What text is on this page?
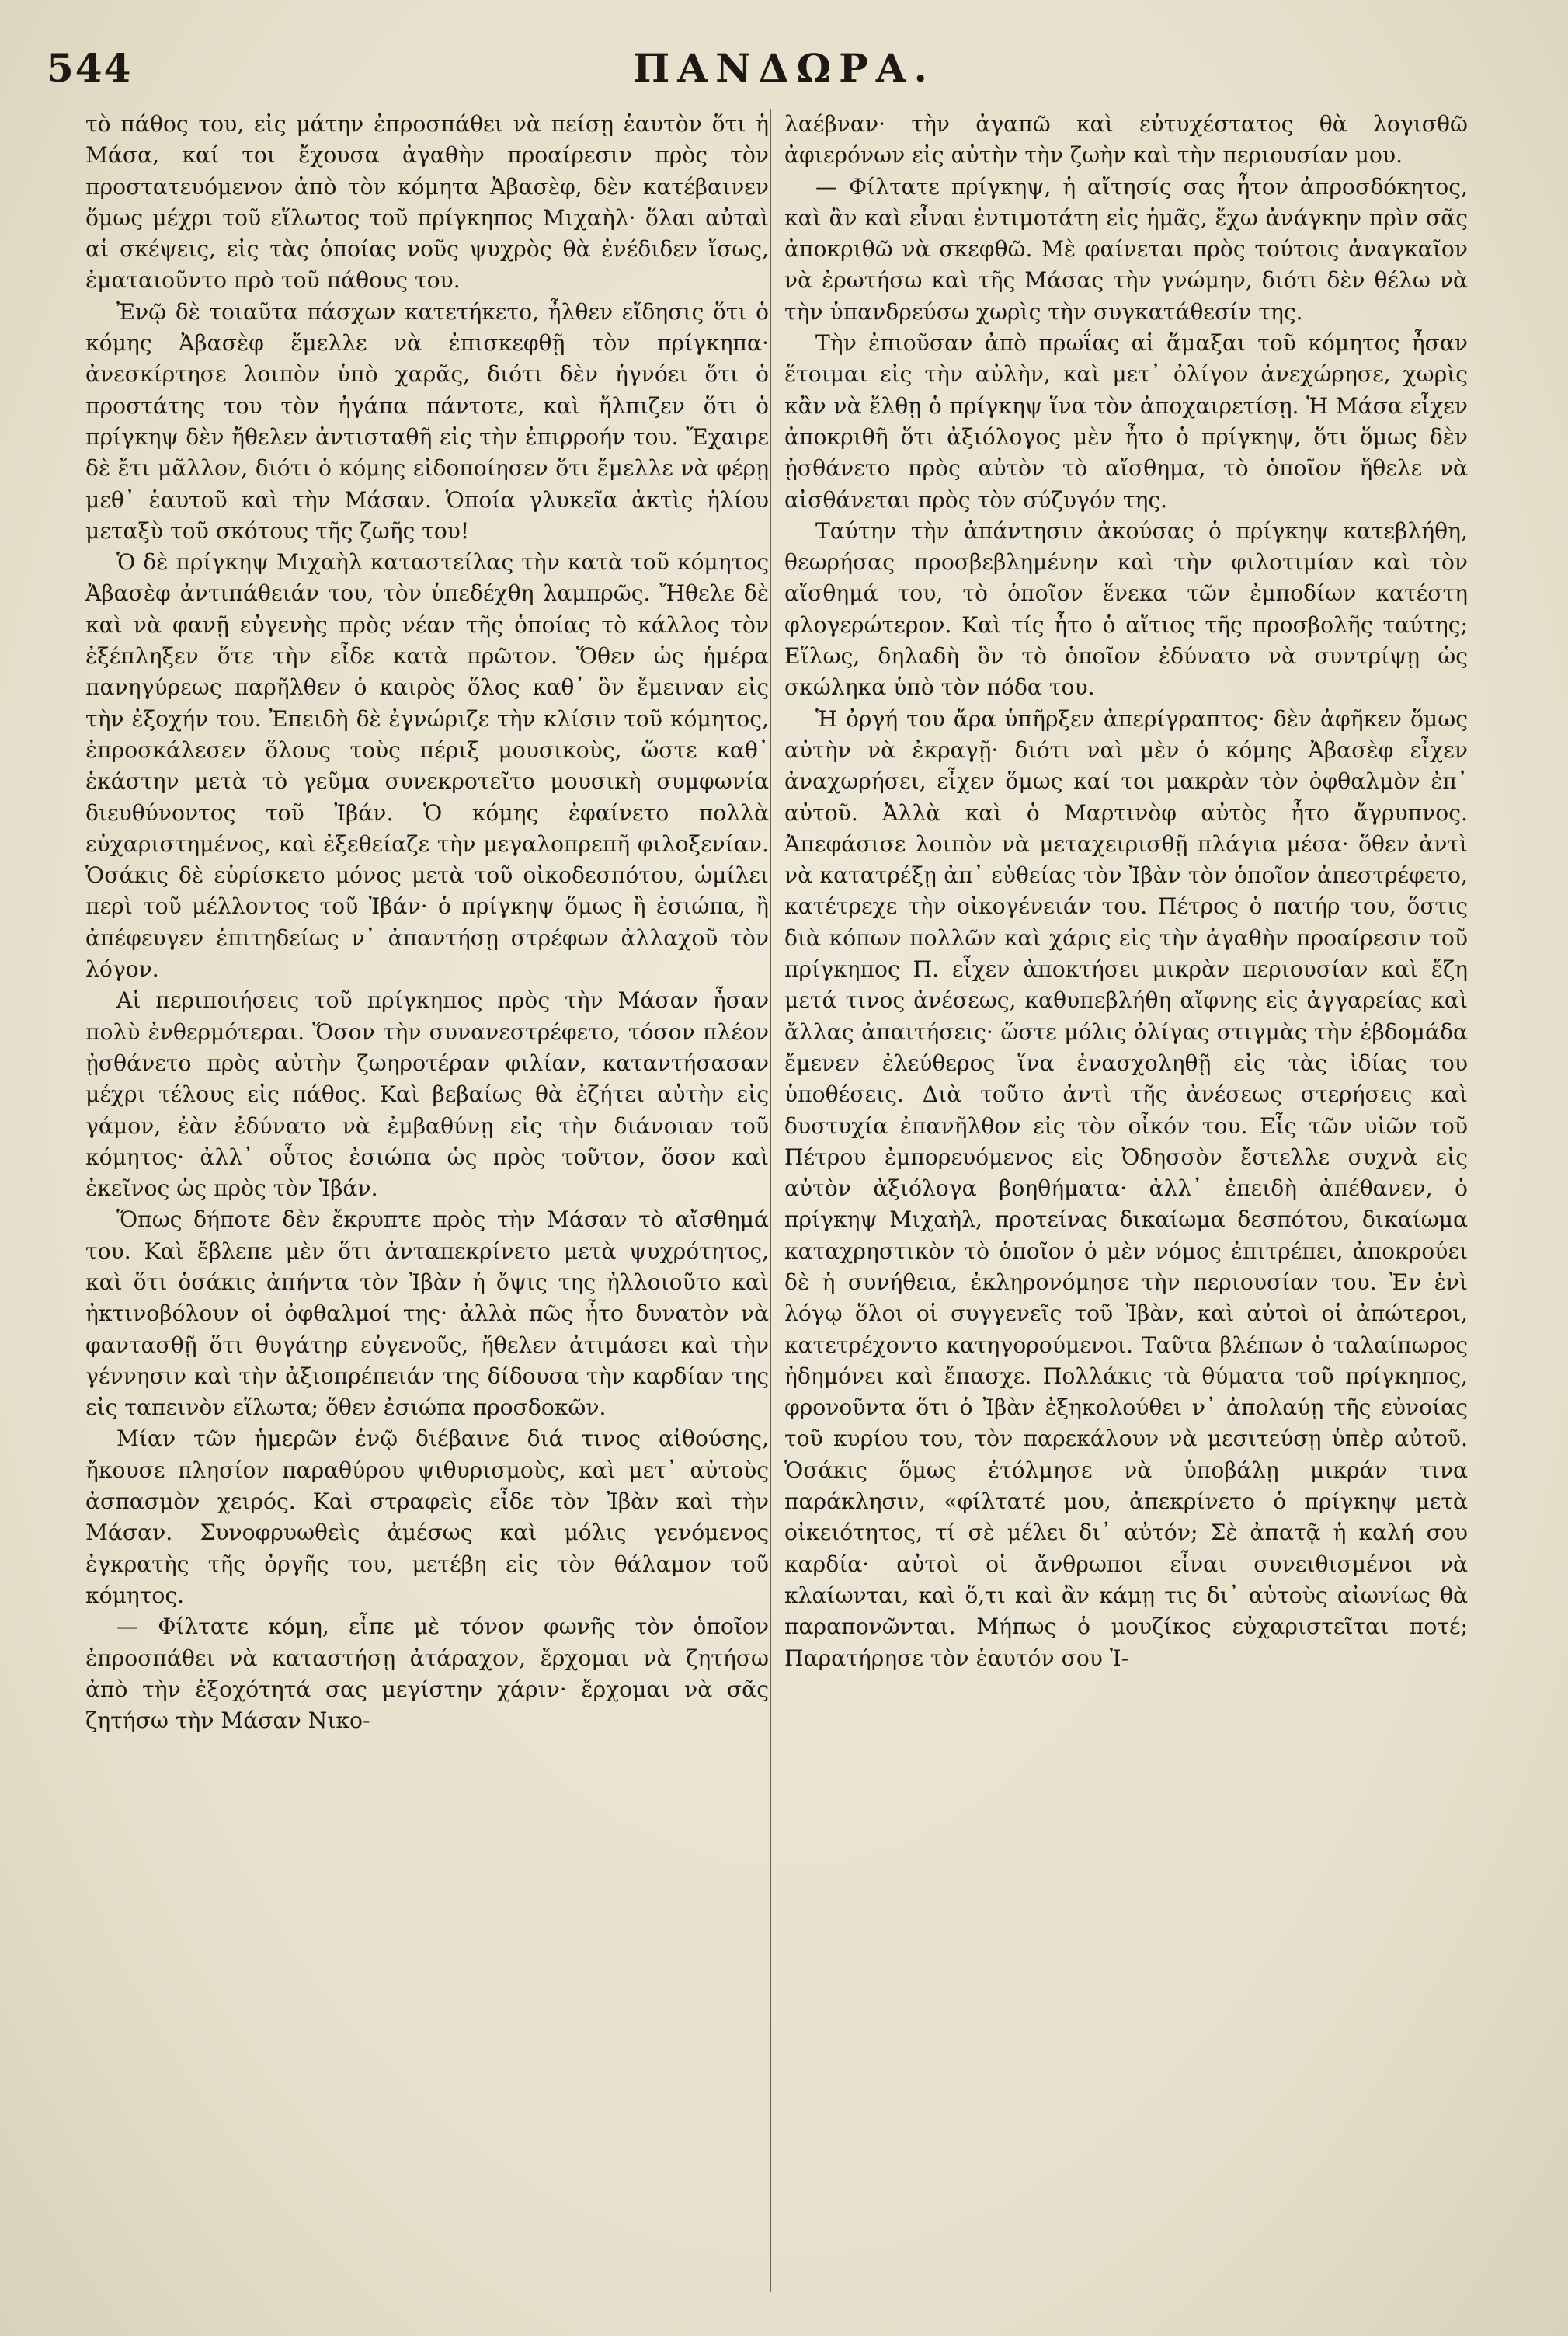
544	ΠΑΝΔΩΡΑ.

τὸ πάθος του, εἰς μάτην ἐπροσπάθει νὰ πείσῃ ἑαυτὸν ὅτι ἡ Μάσα, καί τοι ἔχουσα ἀγαθὴν προαίρεσιν πρὸς τὸν προστατευόμενον ἀπὸ τὸν κόμητα Ἀβασὲφ, δὲν κατέβαινεν ὅμως μέχρι τοῦ εἵλωτος τοῦ πρίγκηπος Μιχαὴλ· ὅλαι αὐταὶ αἱ σκέψεις, εἰς τὰς ὁποίας νοῦς ψυχρὸς θὰ ἐνέδιδεν ἴσως, ἐματαιοῦντο πρὸ τοῦ πάθους του.

Ἐνῷ δὲ τοιαῦτα πάσχων κατετήκετο, ἦλθεν εἴδησις ὅτι ὁ κόμης Ἀβασὲφ ἔμελλε νὰ ἐπισκεφθῇ τὸν πρίγκηπα· ἀνεσκίρτησε λοιπὸν ὑπὸ χαρᾶς, διότι δὲν ἠγνόει ὅτι ὁ προστάτης του τὸν ἠγάπα πάντοτε, καὶ ἤλπιζεν ὅτι ὁ πρίγκηψ δὲν ἤθελεν ἀντισταθῆ εἰς τὴν ἐπιρροήν του. Ἔχαιρε δὲ ἔτι μᾶλλον, διότι ὁ κόμης εἰδοποίησεν ὅτι ἔμελλε νὰ φέρῃ μεθ᾽ ἑαυτοῦ καὶ τὴν Μάσαν. Ὁποία γλυκεῖα ἀκτὶς ἡλίου μεταξὺ τοῦ σκότους τῆς ζωῆς του!

Ὁ δὲ πρίγκηψ Μιχαὴλ καταστείλας τὴν κατὰ τοῦ κόμητος Ἀβασὲφ ἀντιπάθειάν του, τὸν ὑπεδέχθη λαμπρῶς. Ἤθελε δὲ καὶ νὰ φανῇ εὐγενὴς πρὸς νέαν τῆς ὁποίας τὸ κάλλος τὸν ἐξέπληξεν ὅτε τὴν εἶδε κατὰ πρῶτον. Ὅθεν ὡς ἡμέρα πανηγύρεως παρῆλθεν ὁ καιρὸς ὅλος καθ᾽ ὃν ἔμειναν εἰς τὴν ἐξοχήν του. Ἐπειδὴ δὲ ἐγνώριζε τὴν κλίσιν τοῦ κόμητος, ἐπροσκάλεσεν ὅλους τοὺς πέριξ μουσικοὺς, ὥστε καθ᾽ ἑκάστην μετὰ τὸ γεῦμα συνεκροτεῖτο μουσικὴ συμφωνία διευθύνοντος τοῦ Ἰβάν. Ὁ κόμης ἐφαίνετο πολλὰ εὐχαριστημένος, καὶ ἐξεθείαζε τὴν μεγαλοπρεπῆ φιλοξενίαν. Ὁσάκις δὲ εὑρίσκετο μόνος μετὰ τοῦ οἰκοδεσπότου, ὡμίλει περὶ τοῦ μέλλοντος τοῦ Ἰβάν· ὁ πρίγκηψ ὅμως ἢ ἐσιώπα, ἢ ἀπέφευγεν ἐπιτηδείως ν᾽ ἀπαντήσῃ στρέφων ἀλλαχοῦ τὸν λόγον.

Αἱ περιποιήσεις τοῦ πρίγκηπος πρὸς τὴν Μάσαν ἦσαν πολὺ ἐνθερμότεραι. Ὅσον τὴν συνανεστρέφετο, τόσον πλέον ᾐσθάνετο πρὸς αὐτὴν ζωηροτέραν φιλίαν, καταντήσασαν μέχρι τέλους εἰς πάθος. Καὶ βεβαίως θὰ ἐζήτει αὐτὴν εἰς γάμον, ἐὰν ἐδύνατο νὰ ἐμβαθύνῃ εἰς τὴν διάνοιαν τοῦ κόμητος· ἀλλ᾽ οὗτος ἐσιώπα ὡς πρὸς τοῦτον, ὅσον καὶ ἐκεῖνος ὡς πρὸς τὸν Ἰβάν.

Ὅπως δήποτε δὲν ἔκρυπτε πρὸς τὴν Μάσαν τὸ αἴσθημά του. Καὶ ἔβλεπε μὲν ὅτι ἀνταπεκρίνετο μετὰ ψυχρότητος, καὶ ὅτι ὁσάκις ἀπήντα τὸν Ἰβὰν ἡ ὄψις της ἠλλοιοῦτο καὶ ἠκτινοβόλουν οἱ ὀφθαλμοί της· ἀλλὰ πῶς ἦτο δυνατὸν νὰ φαντασθῇ ὅτι θυγάτηρ εὐγενοῦς, ἤθελεν ἀτιμάσει καὶ τὴν γέννησιν καὶ τὴν ἀξιοπρέπειάν της δίδουσα τὴν καρδίαν της εἰς ταπεινὸν εἵλωτα; ὅθεν ἐσιώπα προσδοκῶν.

Μίαν τῶν ἡμερῶν ἐνῷ διέβαινε διά τινος αἰθούσης, ἤκουσε πλησίον παραθύρου ψιθυρισμοὺς, καὶ μετ᾽ αὐτοὺς ἀσπασμὸν χειρός. Καὶ στραφεὶς εἶδε τὸν Ἰβὰν καὶ τὴν Μάσαν. Συνοφρυωθεὶς ἀμέσως καὶ μόλις γενόμενος ἐγκρατὴς τῆς ὀργῆς του, μετέβη εἰς τὸν θάλαμον τοῦ κόμητος.

— Φίλτατε κόμη, εἶπε μὲ τόνον φωνῆς τὸν ὁποῖον ἐπροσπάθει νὰ καταστήσῃ ἀτάραχον, ἔρχομαι νὰ ζητήσω ἀπὸ τὴν ἐξοχότητά σας μεγίστην χάριν· ἔρχομαι νὰ σᾶς ζητήσω τὴν Μάσαν Νικο-

λαέβναν· τὴν ἀγαπῶ καὶ εὐτυχέστατος θὰ λογισθῶ ἀφιερόνων εἰς αὐτὴν τὴν ζωὴν καὶ τὴν περιουσίαν μου.

— Φίλτατε πρίγκηψ, ἡ αἴτησίς σας ἦτον ἀπροσδόκητος, καὶ ἂν καὶ εἶναι ἐντιμοτάτη εἰς ἡμᾶς, ἔχω ἀνάγκην πρὶν σᾶς ἀποκριθῶ νὰ σκεφθῶ. Μὲ φαίνεται πρὸς τούτοις ἀναγκαῖον νὰ ἐρωτήσω καὶ τῆς Μάσας τὴν γνώμην, διότι δὲν θέλω νὰ τὴν ὑπανδρεύσω χωρὶς τὴν συγκατάθεσίν της.

Τὴν ἐπιοῦσαν ἀπὸ πρωΐας αἱ ἅμαξαι τοῦ κόμητος ἦσαν ἕτοιμαι εἰς τὴν αὐλὴν, καὶ μετ᾽ ὀλίγον ἀνεχώρησε, χωρὶς κἂν νὰ ἔλθῃ ὁ πρίγκηψ ἵνα τὸν ἀποχαιρετίσῃ. Ἡ Μάσα εἶχεν ἀποκριθῆ ὅτι ἀξιόλογος μὲν ἦτο ὁ πρίγκηψ, ὅτι ὅμως δὲν ᾐσθάνετο πρὸς αὐτὸν τὸ αἴσθημα, τὸ ὁποῖον ἤθελε νὰ αἰσθάνεται πρὸς τὸν σύζυγόν της.

Ταύτην τὴν ἀπάντησιν ἀκούσας ὁ πρίγκηψ κατεβλήθη, θεωρήσας προσβεβλημένην καὶ τὴν φιλοτιμίαν καὶ τὸν αἴσθημά του, τὸ ὁποῖον ἕνεκα τῶν ἐμποδίων κατέστη φλογερώτερον. Καὶ τίς ἦτο ὁ αἴτιος τῆς προσβολῆς ταύτης; Εἵλως, δηλαδὴ ὃν τὸ ὁποῖον ἐδύνατο νὰ συντρίψῃ ὡς σκώληκα ὑπὸ τὸν πόδα του.

Ἡ ὀργή του ἄρα ὑπῆρξεν ἀπερίγραπτος· δὲν ἀφῆκεν ὅμως αὐτὴν νὰ ἐκραγῇ· διότι ναὶ μὲν ὁ κόμης Ἀβασὲφ εἶχεν ἀναχωρήσει, εἶχεν ὅμως καί τοι μακρὰν τὸν ὀφθαλμὸν ἐπ᾽ αὐτοῦ. Ἀλλὰ καὶ ὁ Μαρτινὸφ αὐτὸς ἦτο ἄγρυπνος. Ἀπεφάσισε λοιπὸν νὰ μεταχειρισθῇ πλάγια μέσα· ὅθεν ἀντὶ νὰ κατατρέξῃ ἀπ᾽ εὐθείας τὸν Ἰβὰν τὸν ὁποῖον ἀπεστρέφετο, κατέτρεχε τὴν οἰκογένειάν του. Πέτρος ὁ πατήρ του, ὅστις διὰ κόπων πολλῶν καὶ χάρις εἰς τὴν ἀγαθὴν προαίρεσιν τοῦ πρίγκηπος Π. εἶχεν ἀποκτήσει μικρὰν περιουσίαν καὶ ἔζη μετά τινος ἀνέσεως, καθυπεβλήθη αἴφνης εἰς ἀγγαρείας καὶ ἄλλας ἀπαιτήσεις· ὥστε μόλις ὀλίγας στιγμὰς τὴν ἑβδομάδα ἔμενεν ἐλεύθερος ἵνα ἐνασχοληθῇ εἰς τὰς ἰδίας του ὑποθέσεις. Διὰ τοῦτο ἀντὶ τῆς ἀνέσεως στερήσεις καὶ δυστυχία ἐπανῆλθον εἰς τὸν οἶκόν του. Εἷς τῶν υἱῶν τοῦ Πέτρου ἐμπορευόμενος εἰς Ὀδησσὸν ἔστελλε συχνὰ εἰς αὐτὸν ἀξιόλογα βοηθήματα· ἀλλ᾽ ἐπειδὴ ἀπέθανεν, ὁ πρίγκηψ Μιχαὴλ, προτείνας δικαίωμα δεσπότου, δικαίωμα καταχρηστικὸν τὸ ὁποῖον ὁ μὲν νόμος ἐπιτρέπει, ἀποκρούει δὲ ἡ συνήθεια, ἐκληρονόμησε τὴν περιουσίαν του. Ἐν ἑνὶ λόγῳ ὅλοι οἱ συγγενεῖς τοῦ Ἰβὰν, καὶ αὐτοὶ οἱ ἀπώτεροι, κατετρέχοντο κατηγορούμενοι. Ταῦτα βλέπων ὁ ταλαίπωρος ἠδημόνει καὶ ἔπασχε. Πολλάκις τὰ θύματα τοῦ πρίγκηπος, φρονοῦντα ὅτι ὁ Ἰβὰν ἐξηκολούθει ν᾽ ἀπολαύῃ τῆς εὐνοίας τοῦ κυρίου του, τὸν παρεκάλουν νὰ μεσιτεύσῃ ὑπὲρ αὐτοῦ. Ὁσάκις ὅμως ἐτόλμησε νὰ ὑποβάλῃ μικράν τινα παράκλησιν, «φίλτατέ μου, ἀπεκρίνετο ὁ πρίγκηψ μετὰ οἰκειότητος, τί σὲ μέλει δι᾽ αὐτόν; Σὲ ἀπατᾷ ἡ καλή σου καρδία· αὐτοὶ οἱ ἄνθρωποι εἶναι συνειθισμένοι νὰ κλαίωνται, καὶ ὅ,τι καὶ ἂν κάμῃ τις δι᾽ αὐτοὺς αἰωνίως θὰ παραπονῶνται. Μήπως ὁ μουζίκος εὐχαριστεῖται ποτέ; Παρατήρησε τὸν ἑαυτόν σου Ἰ-
